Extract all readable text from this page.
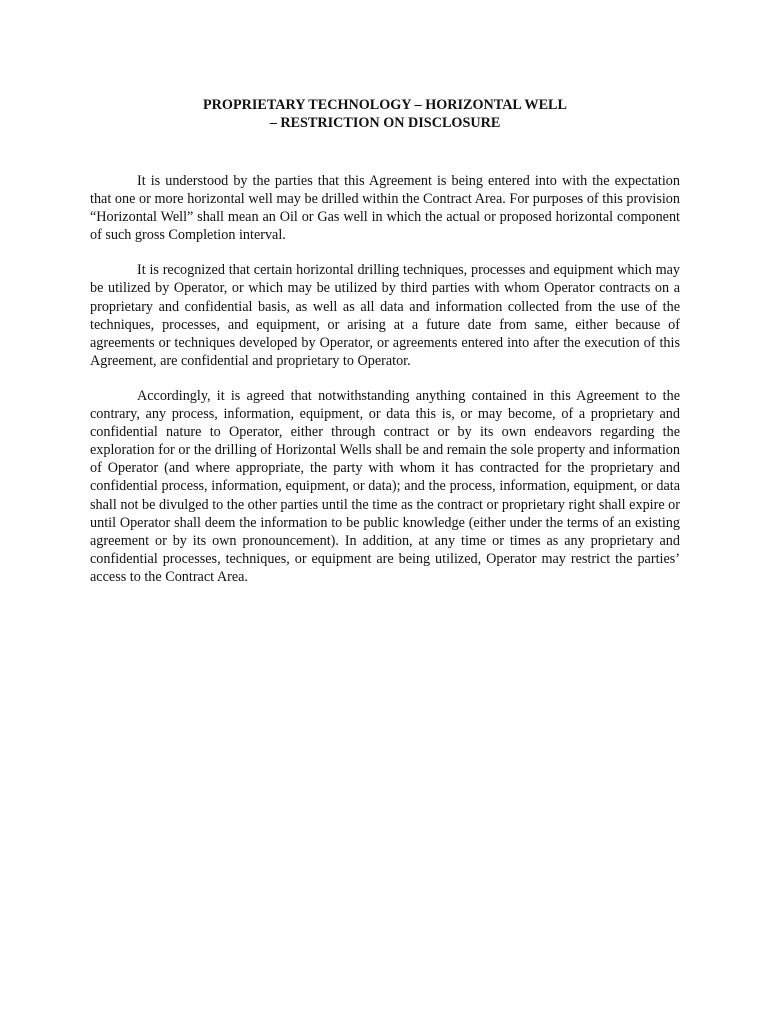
PROPRIETARY TECHNOLOGY – HORIZONTAL WELL
– RESTRICTION ON DISCLOSURE

It is understood by the parties that this Agreement is being entered into with the expectation that one or more horizontal well may be drilled within the Contract Area. For purposes of this provision “Horizontal Well” shall mean an Oil or Gas well in which the actual or proposed horizontal component of such gross Completion interval.

It is recognized that certain horizontal drilling techniques, processes and equipment which may be utilized by Operator, or which may be utilized by third parties with whom Operator contracts on a proprietary and confidential basis, as well as all data and information collected from the use of the techniques, processes, and equipment, or arising at a future date from same, either because of agreements or techniques developed by Operator, or agreements entered into after the execution of this Agreement, are confidential and proprietary to Operator.

Accordingly, it is agreed that notwithstanding anything contained in this Agreement to the contrary, any process, information, equipment, or data this is, or may become, of a proprietary and confidential nature to Operator, either through contract or by its own endeavors regarding the exploration for or the drilling of Horizontal Wells shall be and remain the sole property and information of Operator (and where appropriate, the party with whom it has contracted for the proprietary and confidential process, information, equipment, or data); and the process, information, equipment, or data shall not be divulged to the other parties until the time as the contract or proprietary right shall expire or until Operator shall deem the information to be public knowledge (either under the terms of an existing agreement or by its own pronouncement). In addition, at any time or times as any proprietary and confidential processes, techniques, or equipment are being utilized, Operator may restrict the parties’ access to the Contract Area.
